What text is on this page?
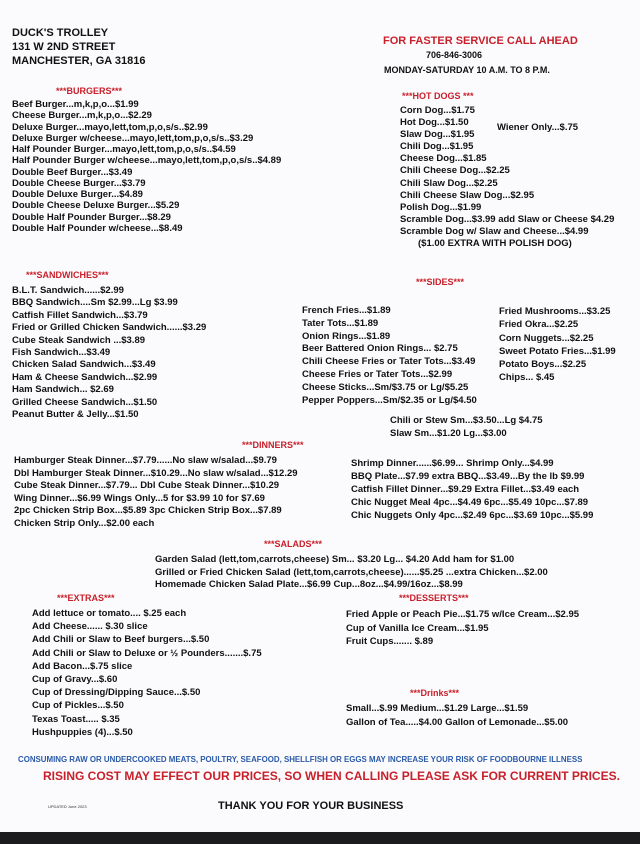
DUCK'S TROLLEY
131 W 2ND STREET
MANCHESTER, GA 31816
FOR FASTER SERVICE CALL AHEAD
706-846-3006
MONDAY-SATURDAY 10 A.M. TO 8 P.M.
***BURGERS***
Beef Burger...m,k,p,o...$1.99
Cheese Burger...m,k,p,o...$2.29
Deluxe Burger...mayo,lett,tom,p,o,s/s..$2.99
Deluxe Burger w/cheese...mayo,lett,tom,p,o,s/s..$3.29
Half Pounder Burger...mayo,lett,tom,p,o,s/s..$4.59
Half Pounder Burger w/cheese...mayo,lett,tom,p,o,s/s..$4.89
Double Beef Burger...$3.49
Double Cheese Burger...$3.79
Double Deluxe Burger...$4.89
Double Cheese Deluxe Burger...$5.29
Double Half Pounder Burger...$8.29
Double Half Pounder w/cheese...$8.49
***HOT DOGS ***
Corn Dog...$1.75
Hot Dog...$1.50
Slaw Dog...$1.95
Chili Dog...$1.95
Cheese Dog...$1.85
Chili Cheese Dog...$2.25
Chili Slaw Dog...$2.25
Chili Cheese Slaw Dog...$2.95
Polish Dog...$1.99
Scramble Dog...$3.99 add Slaw or Cheese $4.29
Scramble Dog w/ Slaw and Cheese...$4.99
($1.00 EXTRA WITH POLISH DOG)
Wiener Only...$.75
***SANDWICHES***
B.L.T. Sandwich......$2.99
BBQ Sandwich....Sm $2.99...Lg $3.99
Catfish Fillet Sandwich...$3.79
Fried or Grilled Chicken Sandwich......$3.29
Cube Steak Sandwich ...$3.89
Fish Sandwich...$3.49
Chicken Salad Sandwich...$3.49
Ham & Cheese Sandwich...$2.99
Ham Sandwich... $2.69
Grilled Cheese Sandwich...$1.50
Peanut Butter & Jelly...$1.50
***SIDES***
French Fries...$1.89
Tater Tots...$1.89
Onion Rings...$1.89
Beer Battered Onion Rings... $2.75
Chili Cheese Fries or Tater Tots...$3.49
Cheese Fries or Tater Tots...$2.99
Cheese Sticks...Sm/$3.75 or Lg/$5.25
Pepper Poppers...Sm/$2.35 or Lg/$4.50
Fried Mushrooms...$3.25
Fried Okra...$2.25
Corn Nuggets...$2.25
Sweet Potato Fries...$1.99
Potato Boys...$2.25
Chips... $.45
Chili or Stew Sm...$3.50...Lg $4.75
Slaw Sm...$1.20 Lg...$3.00
***DINNERS***
Hamburger Steak Dinner...$7.79......No slaw w/salad...$9.79
Dbl Hamburger Steak Dinner...$10.29...No slaw w/salad...$12.29
Cube Steak Dinner...$7.79... Dbl Cube Steak Dinner...$10.29
Wing Dinner...$6.99 Wings Only...5 for $3.99 10 for $7.69
2pc Chicken Strip Box...$5.89 3pc Chicken Strip Box...$7.89
Chicken Strip Only...$2.00 each
Shrimp Dinner......$6.99... Shrimp Only...$4.99
BBQ Plate...$7.99 extra BBQ...$3.49...By the lb $9.99
Catfish Fillet Dinner...$9.29 Extra Fillet...$3.49 each
Chic Nugget Meal 4pc...$4.49 6pc...$5.49 10pc...$7.89
Chic Nuggets Only 4pc...$2.49 6pc...$3.69 10pc...$5.99
***SALADS***
Garden Salad (lett,tom,carrots,cheese) Sm... $3.20 Lg... $4.20 Add ham for $1.00
Grilled or Fried Chicken Salad (lett,tom,carrots,cheese)......$5.25 ...extra Chicken...$2.00
Homemade Chicken Salad Plate...$6.99 Cup...8oz...$4.99/16oz...$8.99
***EXTRAS***
Add lettuce or tomato.... $.25 each
Add Cheese...... $.30 slice
Add Chili or Slaw to Beef burgers...$.50
Add Chili or Slaw to Deluxe or ½ Pounders.......$.75
Add Bacon...$.75 slice
Cup of Gravy...$.60
Cup of Dressing/Dipping Sauce...$.50
Cup of Pickles...$.50
Texas Toast..... $.35
Hushpuppies (4)...$.50
***DESSERTS***
Fried Apple or Peach Pie...$1.75 w/Ice Cream...$2.95
Cup of Vanilla Ice Cream...$1.95
Fruit Cups....... $.89
***Drinks***
Small...$.99 Medium...$1.29 Large...$1.59
Gallon of Tea.....$4.00 Gallon of Lemonade...$5.00
CONSUMING RAW OR UNDERCOOKED MEATS, POULTRY, SEAFOOD, SHELLFISH OR EGGS MAY INCREASE YOUR RISK OF FOODBOURNE ILLNESS
RISING COST MAY EFFECT OUR PRICES, SO WHEN CALLING PLEASE ASK FOR CURRENT PRICES.
UPDATED June 2023	THANK YOU FOR YOUR BUSINESS
